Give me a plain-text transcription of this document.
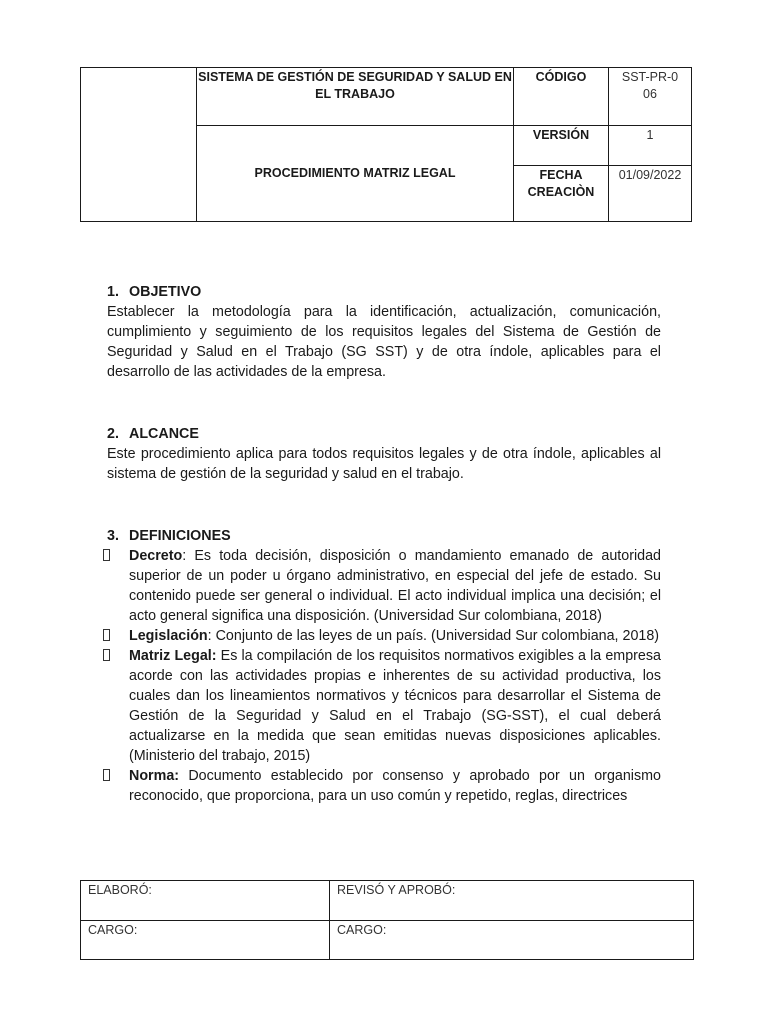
	SISTEMA DE GESTIÓN DE SEGURIDAD Y SALUD EN EL TRABAJO	CÓDIGO	SST-PR-006
	PROCEDIMIENTO MATRIZ LEGAL	VERSIÓN	1
		FECHA CREACIÒN	01/09/2022
1. OBJETIVO

Establecer la metodología para la identificación, actualización, comunicación, cumplimiento y seguimiento de los requisitos legales del Sistema de Gestión de Seguridad y Salud en el Trabajo (SG SST) y de otra índole, aplicables para el desarrollo de las actividades de la empresa.

2. ALCANCE

Este procedimiento aplica para todos requisitos legales y de otra índole, aplicables al sistema de gestión de la seguridad y salud en el trabajo.

3. DEFINICIONES
Decreto: Es toda decisión, disposición o mandamiento emanado de autoridad superior de un poder u órgano administrativo, en especial del jefe de estado. Su contenido puede ser general o individual. El acto individual implica una decisión; el acto general significa una disposición. (Universidad Sur colombiana, 2018)
Legislación: Conjunto de las leyes de un país. (Universidad Sur colombiana, 2018)
Matriz Legal: Es la compilación de los requisitos normativos exigibles a la empresa acorde con las actividades propias e inherentes de su actividad productiva, los cuales dan los lineamientos normativos y técnicos para desarrollar el Sistema de Gestión de la Seguridad y Salud en el Trabajo (SG-SST), el cual deberá actualizarse en la medida que sean emitidas nuevas disposiciones aplicables. (Ministerio del trabajo, 2015)
Norma: Documento establecido por consenso y aprobado por un organismo reconocido, que proporciona, para un uso común y repetido, reglas, directrices
ELABORÓ:	REVISÓ Y APROBÓ:
CARGO:	CARGO:
